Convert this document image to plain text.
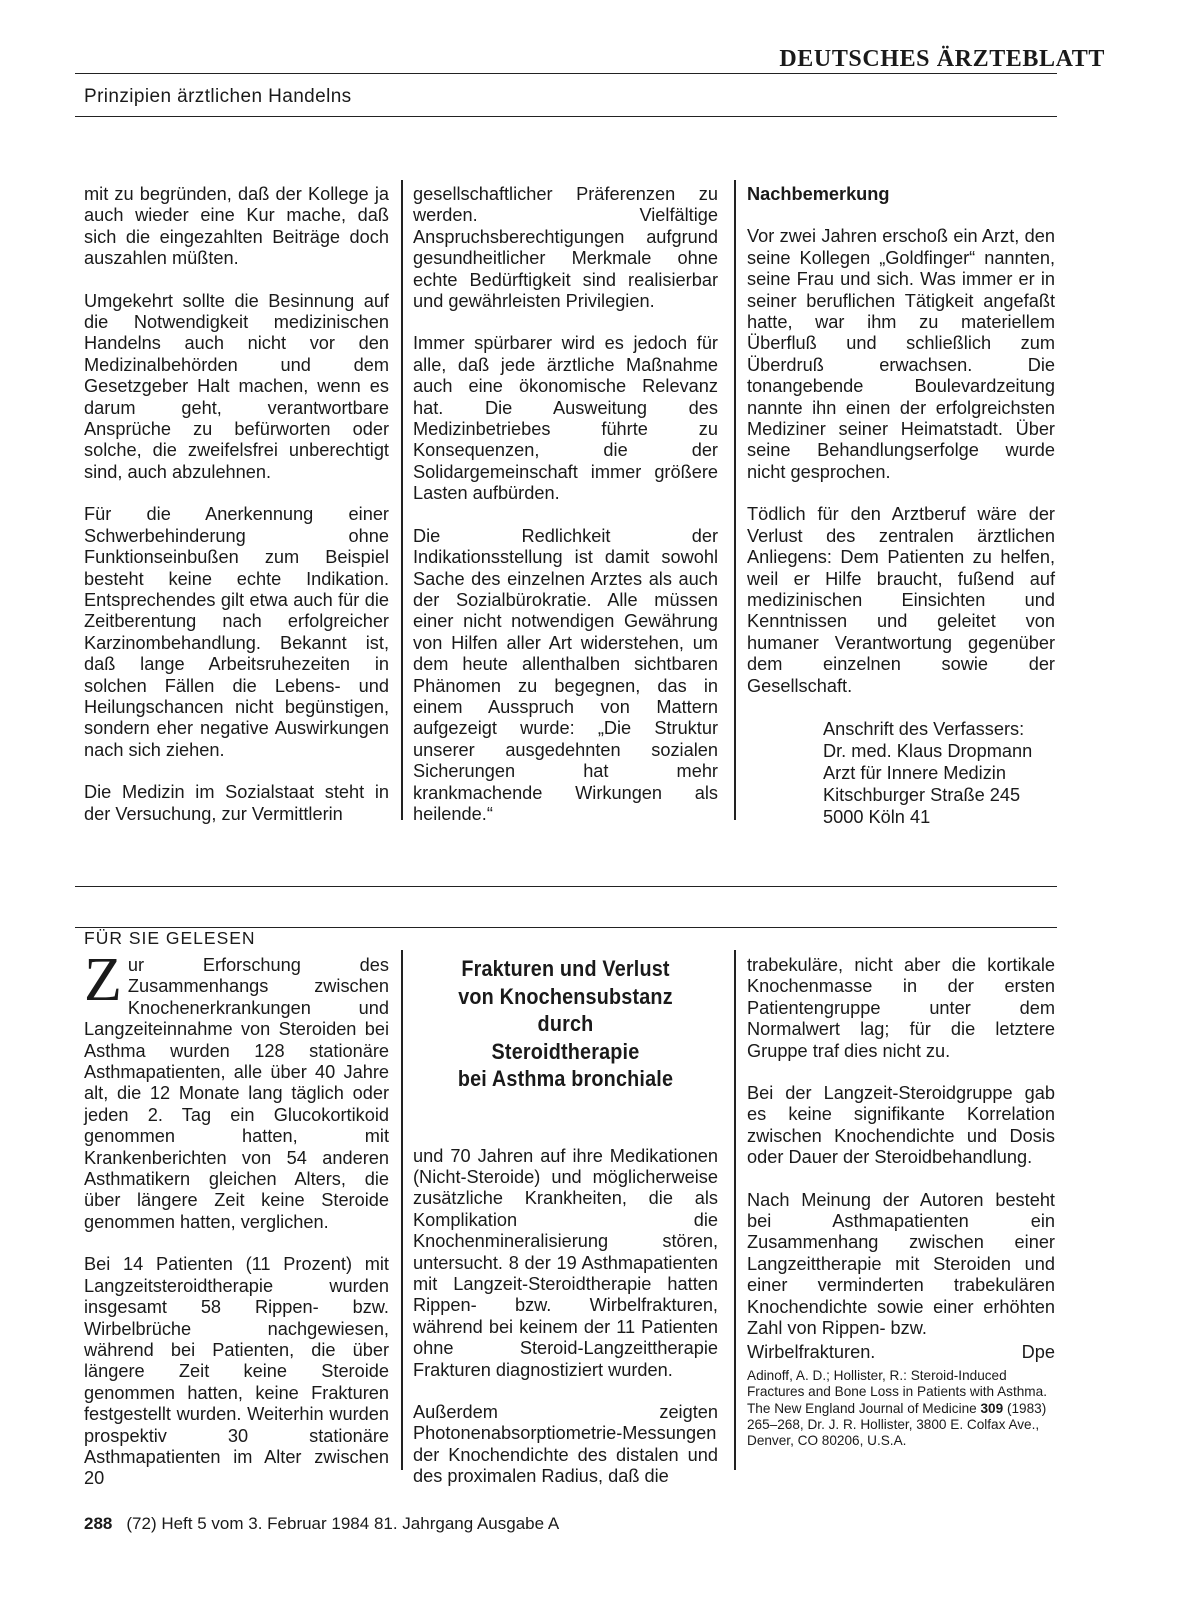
DEUTSCHES ÄRZTEBLATT
Prinzipien ärztlichen Handelns

mit zu begründen, daß der Kollege ja auch wieder eine Kur mache, daß sich die eingezahlten Beiträge doch auszahlen müßten.

Umgekehrt sollte die Besinnung auf die Notwendigkeit medizinischen Handelns auch nicht vor den Medizinalbehörden und dem Gesetzgeber Halt machen, wenn es darum geht, verantwortbare Ansprüche zu befürworten oder solche, die zweifelsfrei unberechtigt sind, auch abzulehnen.

Für die Anerkennung einer Schwerbehinderung ohne Funktionseinbußen zum Beispiel besteht keine echte Indikation. Entsprechendes gilt etwa auch für die Zeitberentung nach erfolgreicher Karzinombehandlung. Bekannt ist, daß lange Arbeitsruhezeiten in solchen Fällen die Lebens- und Heilungschancen nicht begünstigen, sondern eher negative Auswirkungen nach sich ziehen.

Die Medizin im Sozialstaat steht in der Versuchung, zur Vermittlerin

gesellschaftlicher Präferenzen zu werden. Vielfältige Anspruchsberechtigungen aufgrund gesundheitlicher Merkmale ohne echte Bedürftigkeit sind realisierbar und gewährleisten Privilegien.

Immer spürbarer wird es jedoch für alle, daß jede ärztliche Maßnahme auch eine ökonomische Relevanz hat. Die Ausweitung des Medizinbetriebes führte zu Konsequenzen, die der Solidargemeinschaft immer größere Lasten aufbürden.

Die Redlichkeit der Indikationsstellung ist damit sowohl Sache des einzelnen Arztes als auch der Sozialbürokratie. Alle müssen einer nicht notwendigen Gewährung von Hilfen aller Art widerstehen, um dem heute allenthalben sichtbaren Phänomen zu begegnen, das in einem Ausspruch von Mattern aufgezeigt wurde: „Die Struktur unserer ausgedehnten sozialen Sicherungen hat mehr krankmachende Wirkungen als heilende.“

Nachbemerkung

Vor zwei Jahren erschoß ein Arzt, den seine Kollegen „Goldfinger“ nannten, seine Frau und sich. Was immer er in seiner beruflichen Tätigkeit angefaßt hatte, war ihm zu materiellem Überfluß und schließlich zum Überdruß erwachsen. Die tonangebende Boulevardzeitung nannte ihn einen der erfolgreichsten Mediziner seiner Heimatstadt. Über seine Behandlungserfolge wurde nicht gesprochen.

Tödlich für den Arztberuf wäre der Verlust des zentralen ärztlichen Anliegens: Dem Patienten zu helfen, weil er Hilfe braucht, fußend auf medizinischen Einsichten und Kenntnissen und geleitet von humaner Verantwortung gegenüber dem einzelnen sowie der Gesellschaft.

Anschrift des Verfassers:
Dr. med. Klaus Dropmann
Arzt für Innere Medizin
Kitschburger Straße 245
5000 Köln 41
FÜR SIE GELESEN

Zur Erforschung des Zusammenhangs zwischen Knochenerkrankungen und Langzeiteinnahme von Steroiden bei Asthma wurden 128 stationäre Asthmapatienten, alle über 40 Jahre alt, die 12 Monate lang täglich oder jeden 2. Tag ein Glucokortikoid genommen hatten, mit Krankenberichten von 54 anderen Asthmatikern gleichen Alters, die über längere Zeit keine Steroide genommen hatten, verglichen.

Bei 14 Patienten (11 Prozent) mit Langzeitsteroidtherapie wurden insgesamt 58 Rippen- bzw. Wirbelbrüche nachgewiesen, während bei Patienten, die über längere Zeit keine Steroide genommen hatten, keine Frakturen festgestellt wurden. Weiterhin wurden prospektiv 30 stationäre Asthmapatienten im Alter zwischen 20

Frakturen und Verlust
von Knochensubstanz durch
Steroidtherapie
bei Asthma bronchiale

und 70 Jahren auf ihre Medikationen (Nicht-Steroide) und möglicherweise zusätzliche Krankheiten, die als Komplikation die Knochenmineralisierung stören, untersucht. 8 der 19 Asthmapatienten mit Langzeit-Steroidtherapie hatten Rippen- bzw. Wirbelfrakturen, während bei keinem der 11 Patienten ohne Steroid-Langzeittherapie Frakturen diagnostiziert wurden.

Außerdem zeigten Photonenabsorptiometrie-Messungen der Knochendichte des distalen und des proximalen Radius, daß die

trabekuläre, nicht aber die kortikale Knochenmasse in der ersten Patientengruppe unter dem Normalwert lag; für die letztere Gruppe traf dies nicht zu.

Bei der Langzeit-Steroidgruppe gab es keine signifikante Korrelation zwischen Knochendichte und Dosis oder Dauer der Steroidbehandlung.

Nach Meinung der Autoren besteht bei Asthmapatienten ein Zusammenhang zwischen einer Langzeittherapie mit Steroiden und einer verminderten trabekulären Knochendichte sowie einer erhöhten Zahl von Rippen- bzw.

Wirbelfrakturen.	Dpe
Adinoff, A. D.; Hollister, R.: Steroid-Induced Fractures and Bone Loss in Patients with Asthma. The New England Journal of Medicine 309 (1983) 265–268, Dr. J. R. Hollister, 3800 E. Colfax Ave., Denver, CO 80206, U.S.A.
288 (72) Heft 5 vom 3. Februar 1984 81. Jahrgang Ausgabe A
